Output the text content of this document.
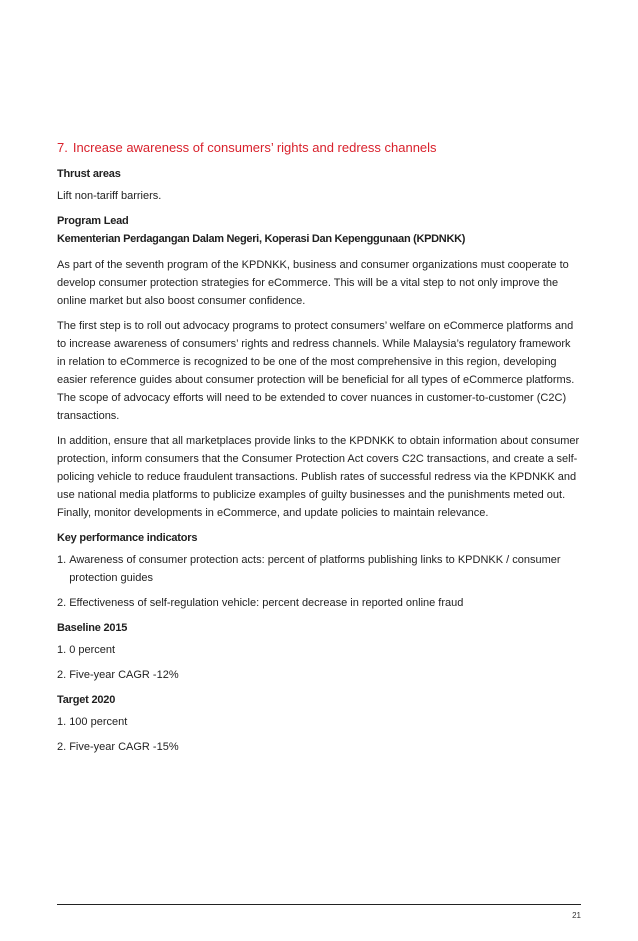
7. Increase awareness of consumers’ rights and redress channels
Thrust areas
Lift non-tariff barriers.
Program Lead
Kementerian Perdagangan Dalam Negeri, Koperasi Dan Kepenggunaan (KPDNKK)
As part of the seventh program of the KPDNKK, business and consumer organizations must cooperate to develop consumer protection strategies for eCommerce. This will be a vital step to not only improve the online market but also boost consumer confidence.
The first step is to roll out advocacy programs to protect consumers’ welfare on eCommerce platforms and to increase awareness of consumers’ rights and redress channels. While Malaysia’s regulatory framework in relation to eCommerce is recognized to be one of the most comprehensive in this region, developing easier reference guides about consumer protection will be beneficial for all types of eCommerce platforms. The scope of advocacy efforts will need to be extended to cover nuances in customer-to-customer (C2C) transactions.
In addition, ensure that all marketplaces provide links to the KPDNKK to obtain information about consumer protection, inform consumers that the Consumer Protection Act covers C2C transactions, and create a self-policing vehicle to reduce fraudulent transactions. Publish rates of successful redress via the KPDNKK and use national media platforms to publicize examples of guilty businesses and the punishments meted out. Finally, monitor developments in eCommerce, and update policies to maintain relevance.
Key performance indicators
1. Awareness of consumer protection acts: percent of platforms publishing links to KPDNKK / consumer protection guides
2. Effectiveness of self-regulation vehicle: percent decrease in reported online fraud
Baseline 2015
1. 0 percent
2. Five-year CAGR -12%
Target 2020
1. 100 percent
2. Five-year CAGR -15%
21
